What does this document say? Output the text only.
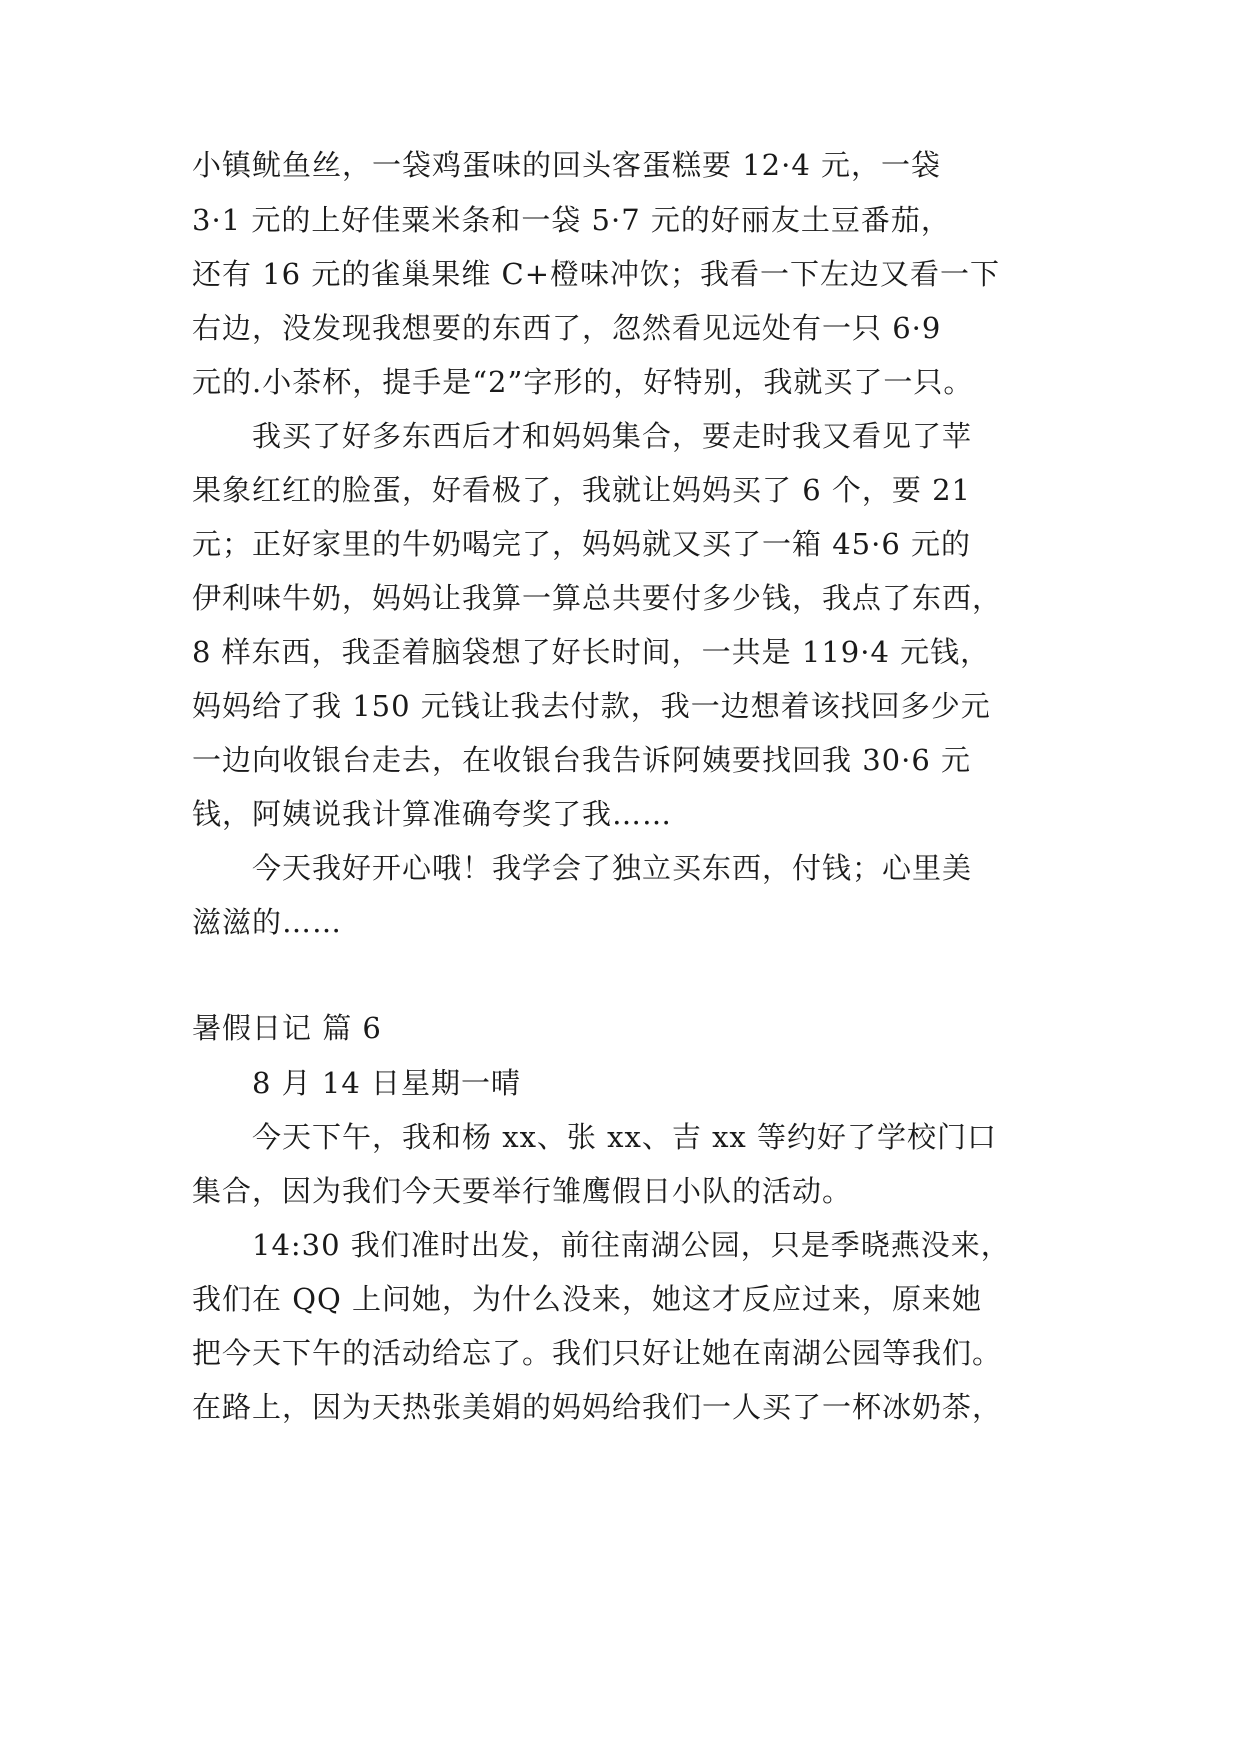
小镇鱿鱼丝，一袋鸡蛋味的回头客蛋糕要 12·4 元，一袋
3·1 元的上好佳粟米条和一袋 5·7 元的好丽友土豆番茄，
还有 16 元的雀巢果维 C+橙味冲饮；我看一下左边又看一下
右边，没发现我想要的东西了，忽然看见远处有一只 6·9
元的.小茶杯，提手是“2”字形的，好特别，我就买了一只。
我买了好多东西后才和妈妈集合，要走时我又看见了苹
果象红红的脸蛋，好看极了，我就让妈妈买了 6 个，要 21
元；正好家里的牛奶喝完了，妈妈就又买了一箱 45·6 元的
伊利味牛奶，妈妈让我算一算总共要付多少钱，我点了东西，
8 样东西，我歪着脑袋想了好长时间，一共是 119·4 元钱，
妈妈给了我 150 元钱让我去付款，我一边想着该找回多少元
一边向收银台走去，在收银台我告诉阿姨要找回我 30·6 元
钱，阿姨说我计算准确夸奖了我……
今天我好开心哦！我学会了独立买东西，付钱；心里美
滋滋的……
暑假日记 篇 6
8 月 14 日星期一晴
今天下午，我和杨 xx、张 xx、吉 xx 等约好了学校门口
集合，因为我们今天要举行雏鹰假日小队的活动。
14:30 我们准时出发，前往南湖公园，只是季晓燕没来，
我们在 QQ 上问她，为什么没来，她这才反应过来，原来她
把今天下午的活动给忘了。我们只好让她在南湖公园等我们。
在路上，因为天热张美娟的妈妈给我们一人买了一杯冰奶茶，
